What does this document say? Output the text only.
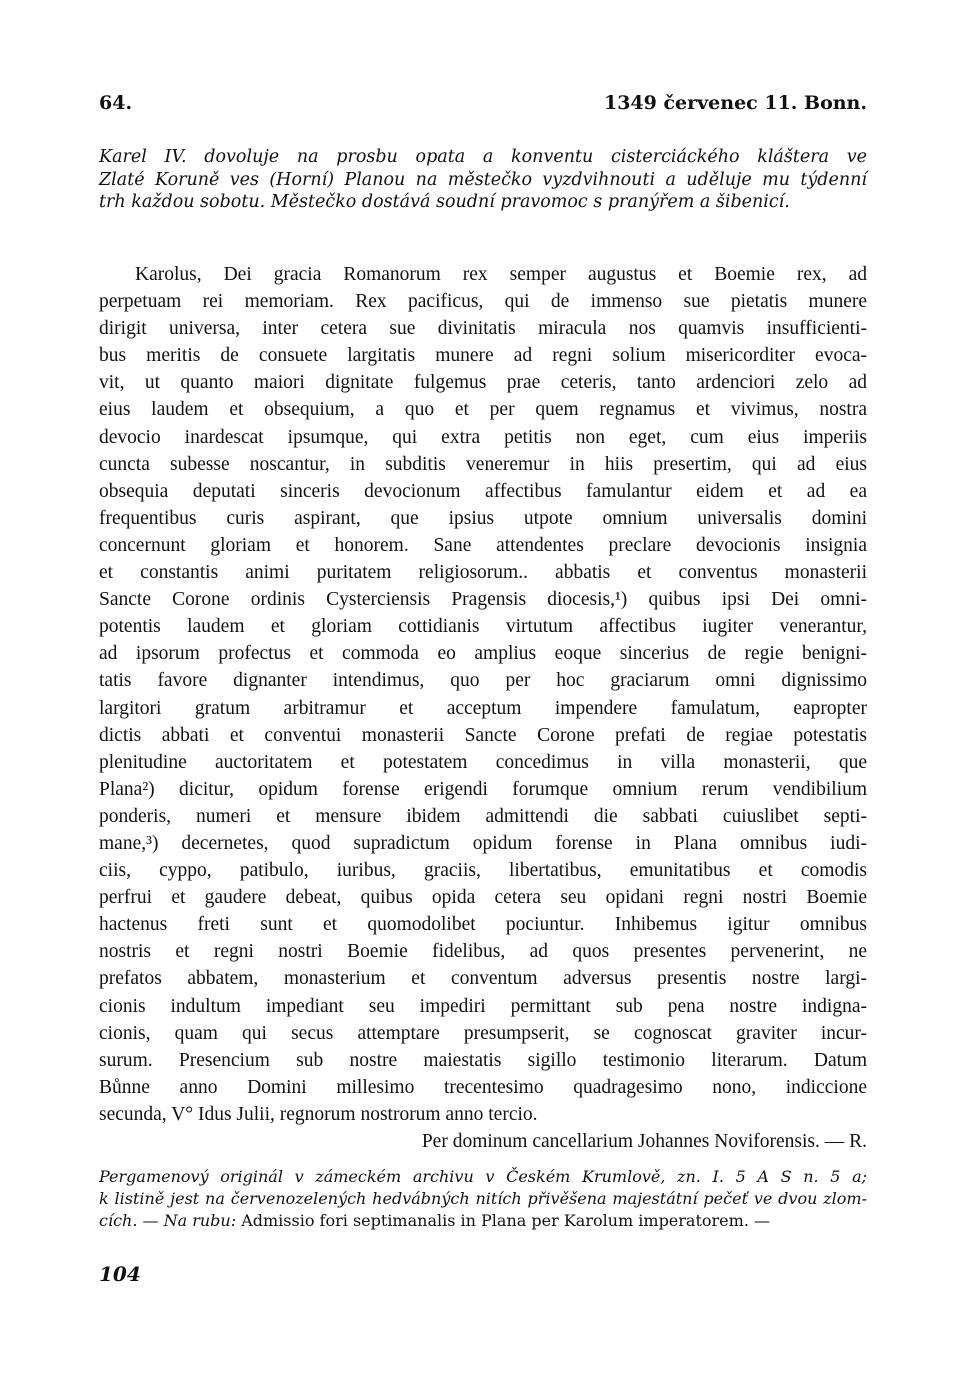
64.	1349 červenec 11. Bonn.
Karel IV. dovoluje na prosbu opata a konventu cisterciáckého kláštera ve
Zlaté Koruně ves (Horní) Planou na městečko vyzdvihnouti a uděluje mu týdenní
trh každou sobotu. Městečko dostává soudní pravomoc s pranýřem a šibenicí.
Karolus, Dei gracia Romanorum rex semper augustus et Boemie rex, ad
perpetuam rei memoriam. Rex pacificus, qui de immenso sue pietatis munere
dirigit universa, inter cetera sue divinitatis miracula nos quamvis insufficienti-
bus meritis de consuete largitatis munere ad regni solium misericorditer evoca-
vit, ut quanto maiori dignitate fulgemus prae ceteris, tanto ardenciori zelo ad
eius laudem et obsequium, a quo et per quem regnamus et vivimus, nostra
devocio inardescat ipsumque, qui extra petitis non eget, cum eius imperiis
cuncta subesse noscantur, in subditis veneremur in hiis presertim, qui ad eius
obsequia deputati sinceris devocionum affectibus famulantur eidem et ad ea
frequentibus curis aspirant, que ipsius utpote omnium universalis domini
concernunt gloriam et honorem. Sane attendentes preclare devocionis insignia
et constantis animi puritatem religiosorum.. abbatis et conventus monasterii
Sancte Corone ordinis Cysterciensis Pragensis diocesis,¹) quibus ipsi Dei omni-
potentis laudem et gloriam cottidianis virtutum affectibus iugiter venerantur,
ad ipsorum profectus et commoda eo amplius eoque sincerius de regie benigni-
tatis favore dignanter intendimus, quo per hoc graciarum omni dignissimo
largitori gratum arbitramur et acceptum impendere famulatum, eapropter
dictis abbati et conventui monasterii Sancte Corone prefati de regiae potestatis
plenitudine auctoritatem et potestatem concedimus in villa monasterii, que
Plana²) dicitur, opidum forense erigendi forumque omnium rerum vendibilium
ponderis, numeri et mensure ibidem admittendi die sabbati cuiuslibet septi-
mane,³) decernetes, quod supradictum opidum forense in Plana omnibus iudi-
ciis, cyppo, patibulo, iuribus, graciis, libertatibus, emunitatibus et comodis
perfrui et gaudere debeat, quibus opida cetera seu opidani regni nostri Boemie
hactenus freti sunt et quomodolibet pociuntur. Inhibemus igitur omnibus
nostris et regni nostri Boemie fidelibus, ad quos presentes pervenerint, ne
prefatos abbatem, monasterium et conventum adversus presentis nostre largi-
cionis indultum impediant seu impediri permittant sub pena nostre indigna-
cionis, quam qui secus attemptare presumpserit, se cognoscat graviter incur-
surum. Presencium sub nostre maiestatis sigillo testimonio literarum. Datum
Bůnne anno Domini millesimo trecentesimo quadragesimo nono, indiccione
secunda, V° Idus Julii, regnorum nostrorum anno tercio.
Per dominum cancellarium Johannes Noviforensis. — R.
Pergamenový originál v zámeckém archivu v Českém Krumlově, zn. I. 5 A S n. 5 a;
k listině jest na červenozelených hedvábných nitích přivěšena majestátní pečeť ve dvou zlom-
cích. — Na rubu: Admissio fori septimanalis in Plana per Karolum imperatorem. —
104
